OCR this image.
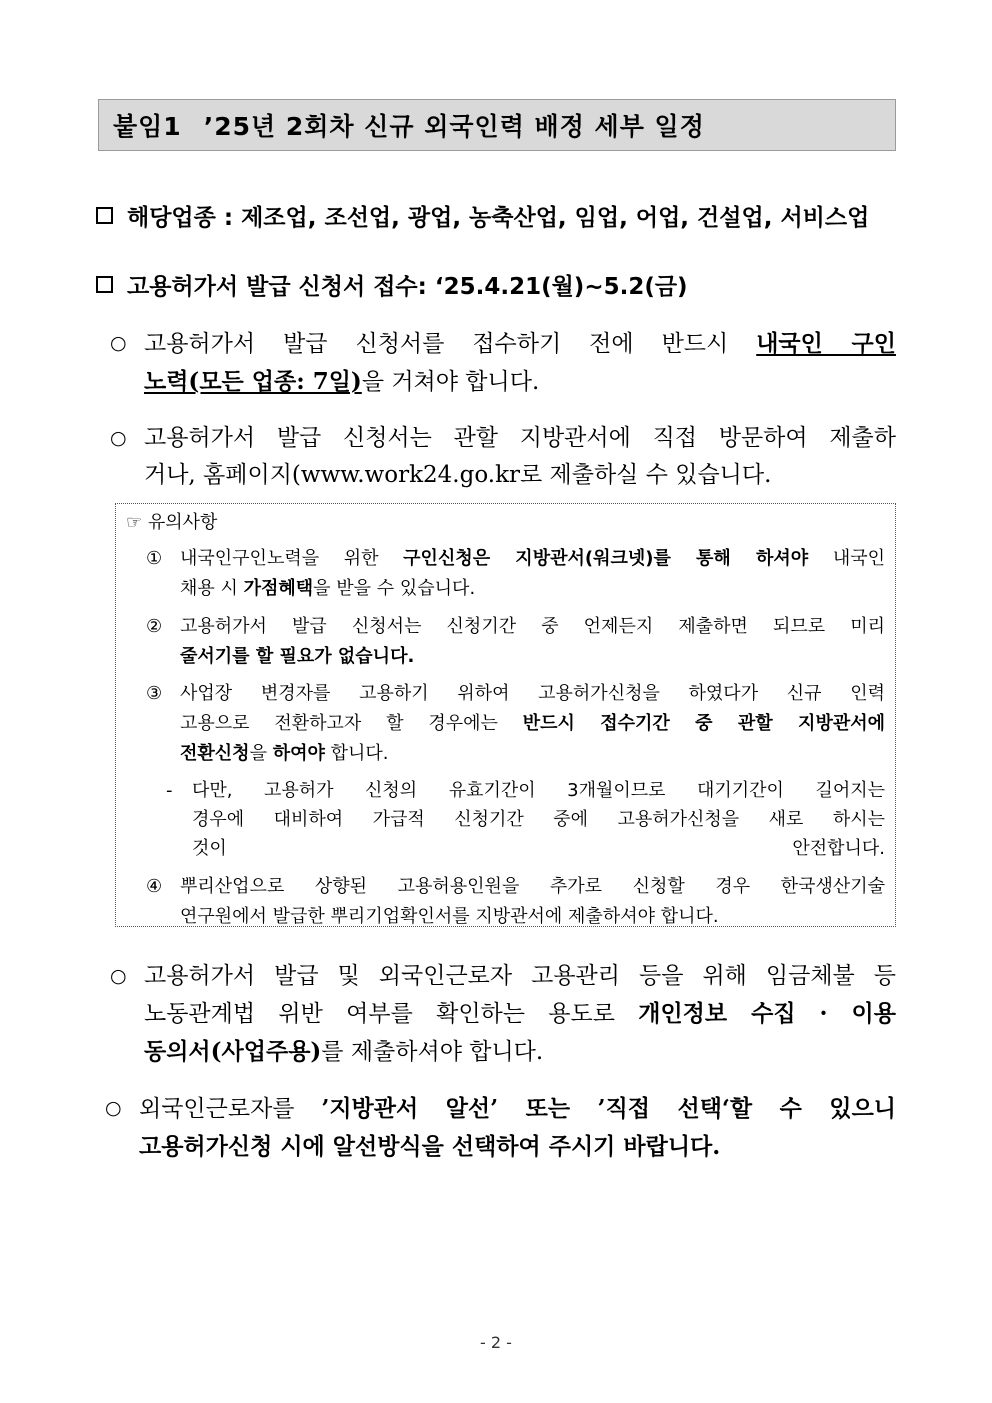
붙임1 ’25년 2회차 신규 외국인력 배정 세부 일정
해당업종 : 제조업, 조선업, 광업, 농축산업, 임업, 어업, 건설업, 서비스업
고용허가서 발급 신청서 접수: ‘25.4.21(월)~5.2(금)
○ 고용허가서 발급 신청서를 접수하기 전에 반드시 내국인 구인
노력(모든 업종: 7일)을 거쳐야 합니다.
○ 고용허가서 발급 신청서는 관할 지방관서에 직접 방문하여 제출하
거나, 홈페이지(www.work24.go.kr로 제출하실 수 있습니다.
☞ 유의사항
① 내국인구인노력을 위한 구인신청은 지방관서(워크넷)를 통해 하셔야 내국인
채용 시 가점혜택을 받을 수 있습니다.
② 고용허가서 발급 신청서는 신청기간 중 언제든지 제출하면 되므로 미리
줄서기를 할 필요가 없습니다.
③ 사업장 변경자를 고용하기 위하여 고용허가신청을 하였다가 신규 인력
고용으로 전환하고자 할 경우에는 반드시 접수기간 중 관할 지방관서에
전환신청을 하여야 합니다.
- 다만, 고용허가 신청의 유효기간이 3개월이므로 대기기간이 길어지는
경우에 대비하여 가급적 신청기간 중에 고용허가신청을 새로 하시는
것이 안전합니다.
④ 뿌리산업으로 상향된 고용허용인원을 추가로 신청할 경우 한국생산기술
연구원에서 발급한 뿌리기업확인서를 지방관서에 제출하셔야 합니다.
○ 고용허가서 발급 및 외국인근로자 고용관리 등을 위해 임금체불 등
노동관계법 위반 여부를 확인하는 용도로 개인정보 수집 · 이용
동의서(사업주용)를 제출하셔야 합니다.
○ 외국인근로자를 ’지방관서 알선’ 또는 ’직접 선택‘할 수 있으니
고용허가신청 시에 알선방식을 선택하여 주시기 바랍니다.
- 2 -
